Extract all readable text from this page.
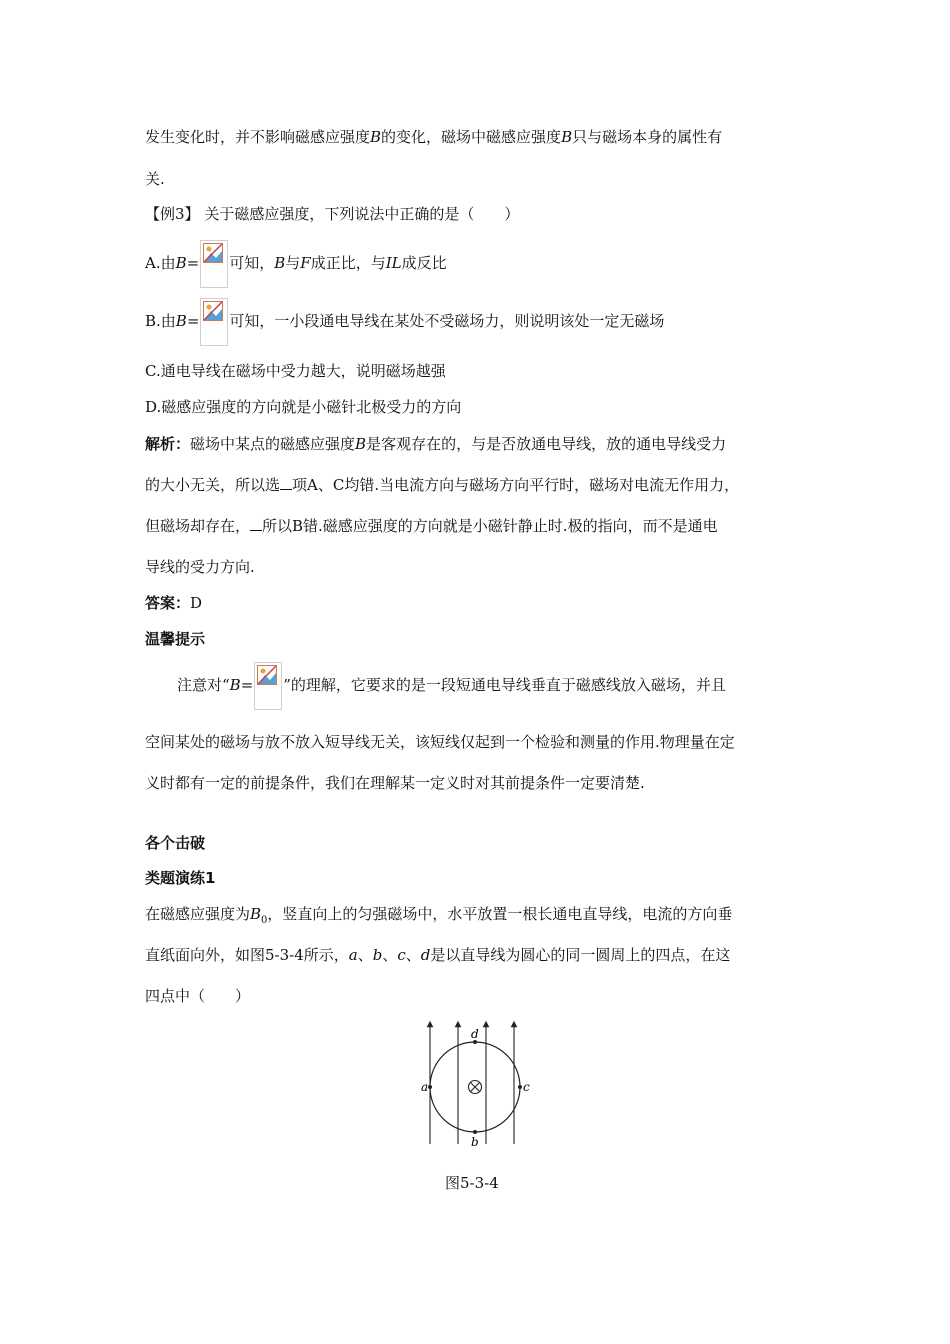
发生变化时，并不影响磁感应强度B的变化，磁场中磁感应强度B只与磁场本身的属性有
关.
【例3】 关于磁感应强度，下列说法中正确的是（　　）
A.由B= 可知，B与F成正比，与IL成反比
B.由B= 可知，一小段通电导线在某处不受磁场力，则说明该处一定无磁场
C.通电导线在磁场中受力越大，说明磁场越强
D.磁感应强度的方向就是小磁针北极受力的方向
解析：磁场中某点的磁感应强度B是客观存在的，与是否放通电导线，放的通电导线受力
的大小无关，所以选 项A、C均错.当电流方向与磁场方向平行时，磁场对电流无作用力，
但磁场却存在， 所以B错.磁感应强度的方向就是小磁针静止时.极的指向，而不是通电
导线的受力方向.
答案：D
温馨提示
注意对“B= ”的理解，它要求的是一段短通电导线垂直于磁感线放入磁场，并且
空间某处的磁场与放不放入短导线无关，该短线仅起到一个检验和测量的作用.物理量在定
义时都有一定的前提条件，我们在理解某一定义时对其前提条件一定要清楚.
各个击破
类题演练1
在磁感应强度为$B_0$，竖直向上的匀强磁场中，水平放置一根长通电直导线，电流的方向垂
直纸面向外，如图5-3-4所示，a、b、c、d是以直导线为圆心的同一圆周上的四点，在这
四点中（　　）
a	c
d
b
图5-3-4
